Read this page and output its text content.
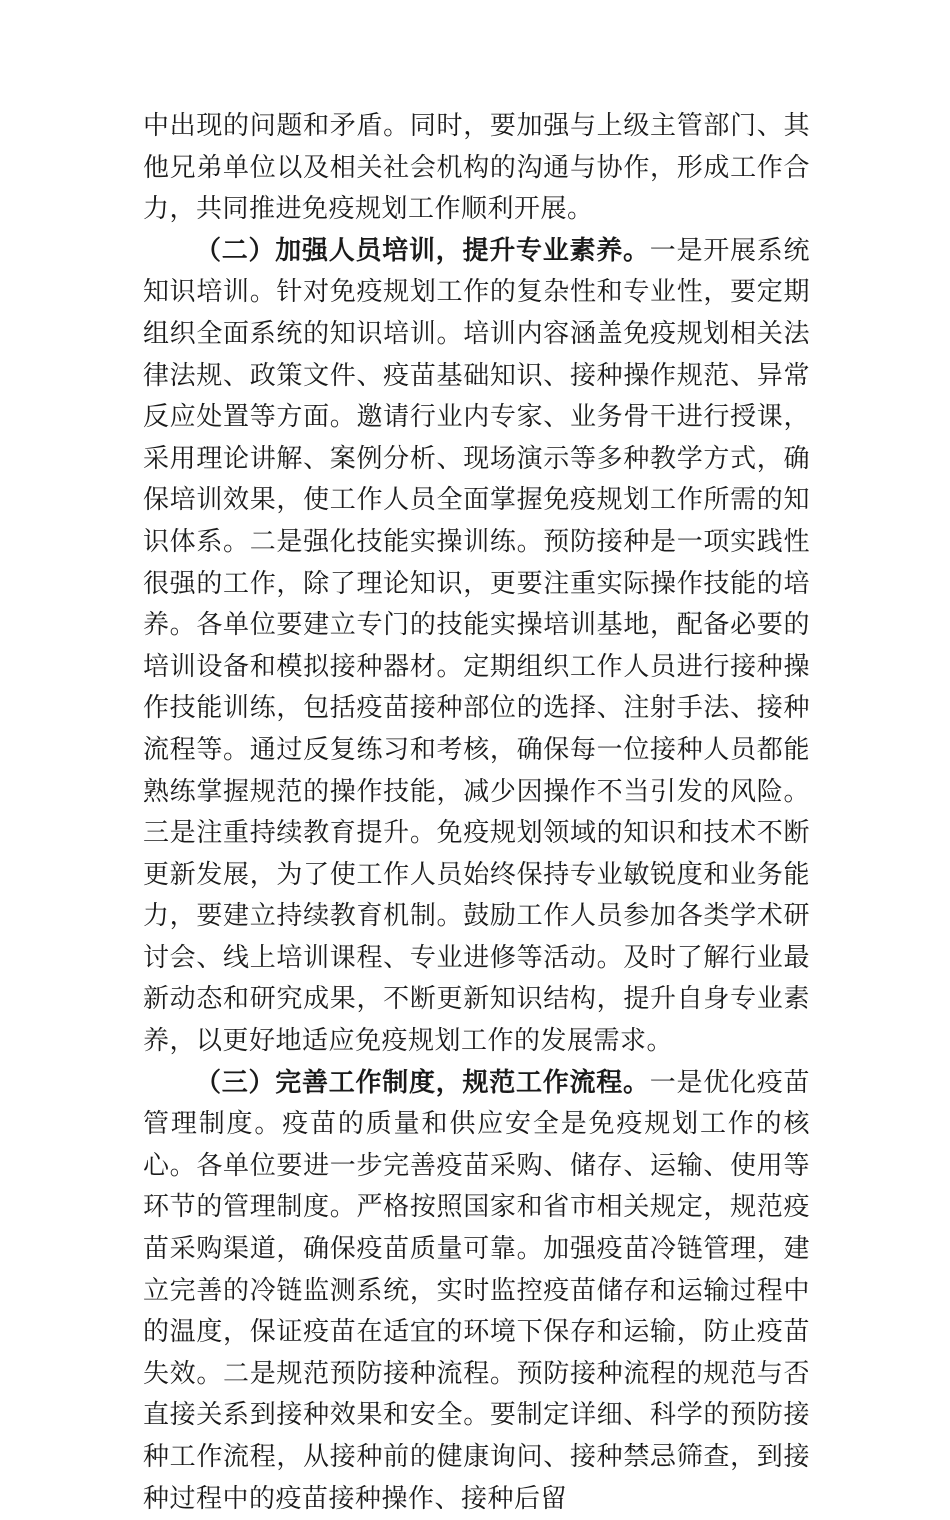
中出现的问题和矛盾。同时，要加强与上级主管部门、其他兄弟单位以及相关社会机构的沟通与协作，形成工作合力，共同推进免疫规划工作顺利开展。

（二）加强人员培训，提升专业素养。一是开展系统知识培训。针对免疫规划工作的复杂性和专业性，要定期组织全面系统的知识培训。培训内容涵盖免疫规划相关法律法规、政策文件、疫苗基础知识、接种操作规范、异常反应处置等方面。邀请行业内专家、业务骨干进行授课，采用理论讲解、案例分析、现场演示等多种教学方式，确保培训效果，使工作人员全面掌握免疫规划工作所需的知识体系。二是强化技能实操训练。预防接种是一项实践性很强的工作，除了理论知识，更要注重实际操作技能的培养。各单位要建立专门的技能实操培训基地，配备必要的培训设备和模拟接种器材。定期组织工作人员进行接种操作技能训练，包括疫苗接种部位的选择、注射手法、接种流程等。通过反复练习和考核，确保每一位接种人员都能熟练掌握规范的操作技能，减少因操作不当引发的风险。三是注重持续教育提升。免疫规划领域的知识和技术不断更新发展，为了使工作人员始终保持专业敏锐度和业务能力，要建立持续教育机制。鼓励工作人员参加各类学术研讨会、线上培训课程、专业进修等活动。及时了解行业最新动态和研究成果，不断更新知识结构，提升自身专业素养，以更好地适应免疫规划工作的发展需求。

（三）完善工作制度，规范工作流程。一是优化疫苗管理制度。疫苗的质量和供应安全是免疫规划工作的核心。各单位要进一步完善疫苗采购、储存、运输、使用等环节的管理制度。严格按照国家和省市相关规定，规范疫苗采购渠道，确保疫苗质量可靠。加强疫苗冷链管理，建立完善的冷链监测系统，实时监控疫苗储存和运输过程中的温度，保证疫苗在适宜的环境下保存和运输，防止疫苗失效。二是规范预防接种流程。预防接种流程的规范与否直接关系到接种效果和安全。要制定详细、科学的预防接种工作流程，从接种前的健康询问、接种禁忌筛查，到接种过程中的疫苗接种操作、接种后留
